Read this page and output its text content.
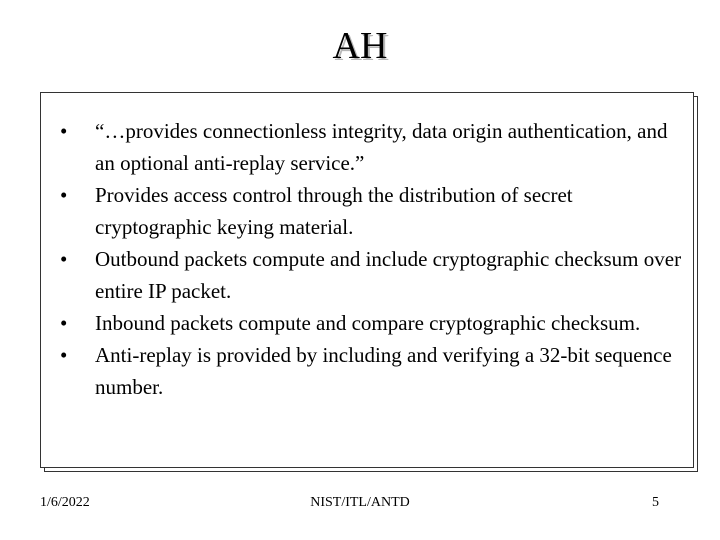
AH
•	“…provides connectionless integrity, data origin authentication, and an optional anti-replay service.”
•	Provides access control through the distribution of secret cryptographic keying material.
•	Outbound packets compute and include cryptographic checksum over entire IP packet.
•	Inbound packets compute and compare cryptographic checksum.
•	Anti-replay is provided by including and verifying a 32-bit sequence number.
1/6/2022	NIST/ITL/ANTD	5
